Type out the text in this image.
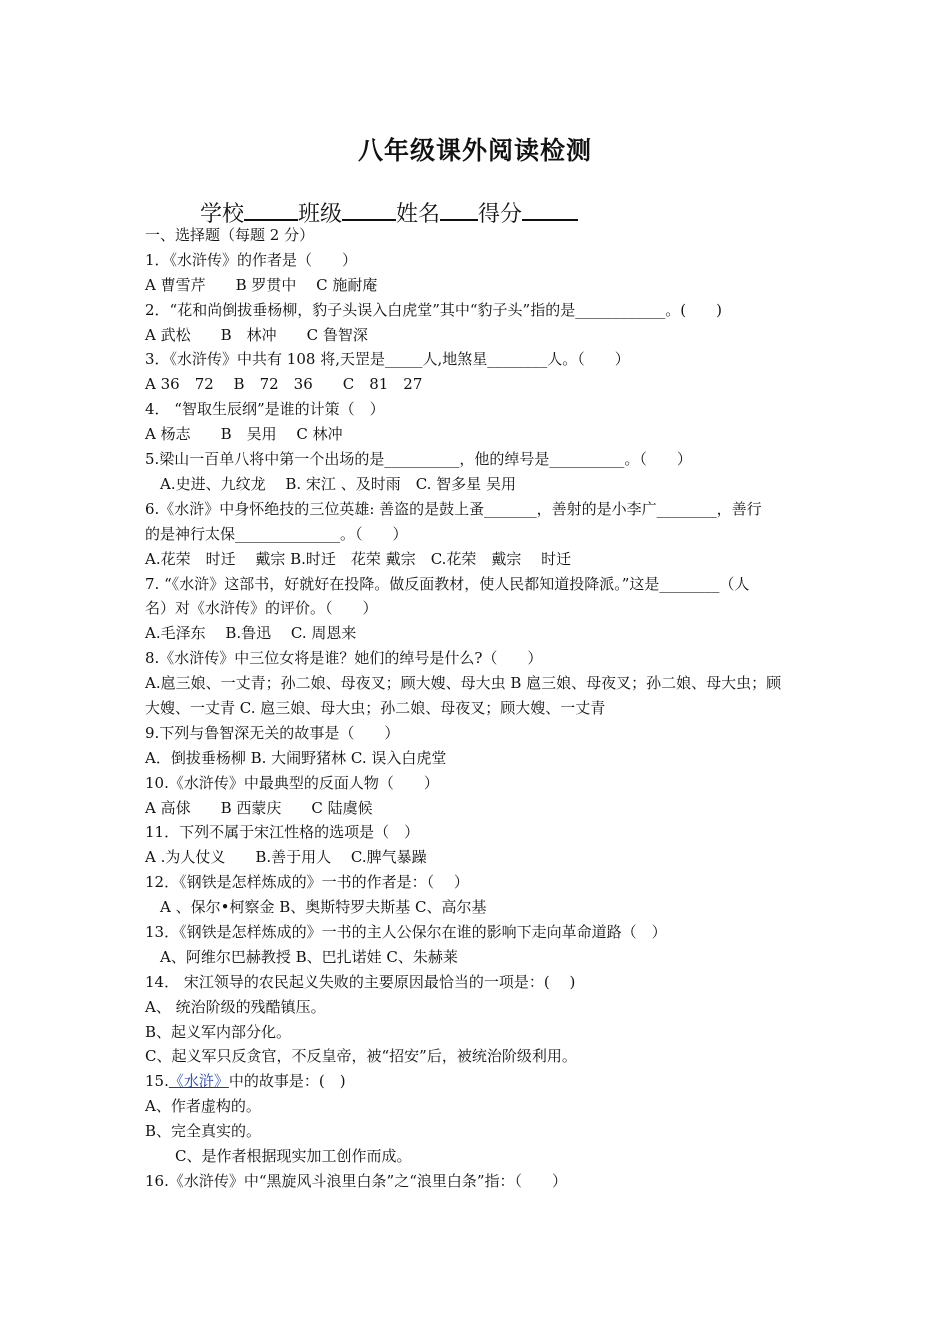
八年级课外阅读检测
学校 班级 姓名 得分
一、选择题（每题 2 分）
1．《水浒传》的作者是（　　）
A 曹雪芹　　B 罗贯中　 C 施耐庵
2．“花和尚倒拔垂杨柳，豹子头误入白虎堂”其中“豹子头”指的是____________。(　　)
A 武松　　B　林冲　　C 鲁智深
3．《水浒传》中共有 108 将,天罡是_____人,地煞星________人。（　　）
A 36　72　 B　72　36　　C　81　27
4． “智取生辰纲”是谁的计策（　）
A 杨志　　B　吴用　 C 林冲
5.梁山一百单八将中第一个出场的是__________，他的绰号是__________。（　　）
A.史进、九纹龙　 B. 宋江 、及时雨　C. 智多星 吴用
6.《水浒》中身怀绝技的三位英雄: 善盗的是鼓上蚤_______，善射的是小李广________，善行
的是神行太保______________。（　　）
A.花荣　时迁　 戴宗 B.时迁　花荣 戴宗　C.花荣　戴宗　 时迁
7. “《水浒》这部书，好就好在投降。做反面教材，使人民都知道投降派。”这是________（人
名）对《水浒传》的评价。（　　）
A.毛泽东　 B.鲁迅　 C. 周恩来
8.《水浒传》中三位女将是谁？她们的绰号是什么?（　　）
A.扈三娘、一丈青；孙二娘、母夜叉；顾大嫂、母大虫 B 扈三娘、母夜叉；孙二娘、母大虫；顾
大嫂、一丈青 C. 扈三娘、母大虫；孙二娘、母夜叉；顾大嫂、一丈青
9.下列与鲁智深无关的故事是（　　）
A．倒拔垂杨柳 B. 大闹野猪林 C. 误入白虎堂
10.《水浒传》中最典型的反面人物（　　）
A 高俅　　B 西蒙庆　　C 陆虞候
11．下列不属于宋江性格的选项是（　）
A .为人仗义　　B.善于用人　 C.脾气暴躁
12．《钢铁是怎样炼成的》一书的作者是：（　 ）
A 、保尔•柯察金 B、奥斯特罗夫斯基 C、高尔基
13．《钢铁是怎样炼成的》一书的主人公保尔在谁的影响下走向革命道路（　）
A、阿维尔巴赫教授 B、巴扎诺娃 C、朱赫莱
14． 宋江领导的农民起义失败的主要原因最恰当的一项是：(　 )
A、 统治阶级的残酷镇压。
B、起义军内部分化。
C、起义军只反贪官，不反皇帝，被“招安”后，被统治阶级利用。
15.《水浒》中的故事是：(　)
A、作者虚构的。
B、完全真实的。
C、是作者根据现实加工创作而成。
16.《水浒传》中“黑旋风斗浪里白条”之“浪里白条”指：（　　）
